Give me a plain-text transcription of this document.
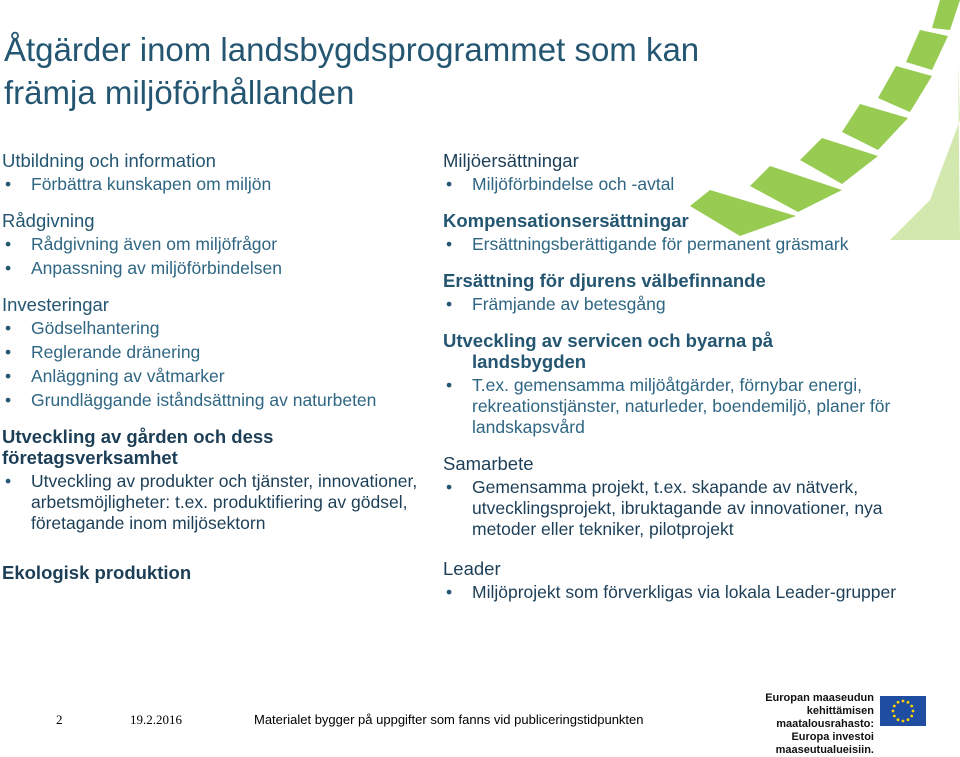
Åtgärder inom landsbygdsprogrammet som kan
främja miljöförhållanden
Utbildning och information
• Förbättra kunskapen om miljön
Rådgivning
• Rådgivning även om miljöfrågor
• Anpassning av miljöförbindelsen
Investeringar
• Gödselhantering
• Reglerande dränering
• Anläggning av våtmarker
• Grundläggande iståndsättning av naturbeten
Utveckling av gården och dess företagsverksamhet
• Utveckling av produkter och tjänster, innovationer, arbetsmöjligheter: t.ex. produktifiering av gödsel, företagande inom miljösektorn
Ekologisk produktion
Miljöersättningar
• Miljöförbindelse och -avtal
Kompensationsersättningar
• Ersättningsberättigande för permanent gräsmark
Ersättning för djurens välbefinnande
• Främjande av betesgång
Utveckling av servicen och byarna på
landsbygden
• T.ex. gemensamma miljöåtgärder, förnybar energi, rekreationstjänster, naturleder, boendemiljö, planer för landskapsvård
Samarbete
• Gemensamma projekt, t.ex. skapande av nätverk, utvecklingsprojekt, ibruktagande av innovationer, nya metoder eller tekniker, pilotprojekt
Leader
• Miljöprojekt som förverkligas via lokala Leader-grupper
2	19.2.2016	Materialet bygger på uppgifter som fanns vid publiceringstidpunkten
Europan maaseudun
kehittämisen maatalousrahasto:
Europa investoi maaseutualueisiin.
